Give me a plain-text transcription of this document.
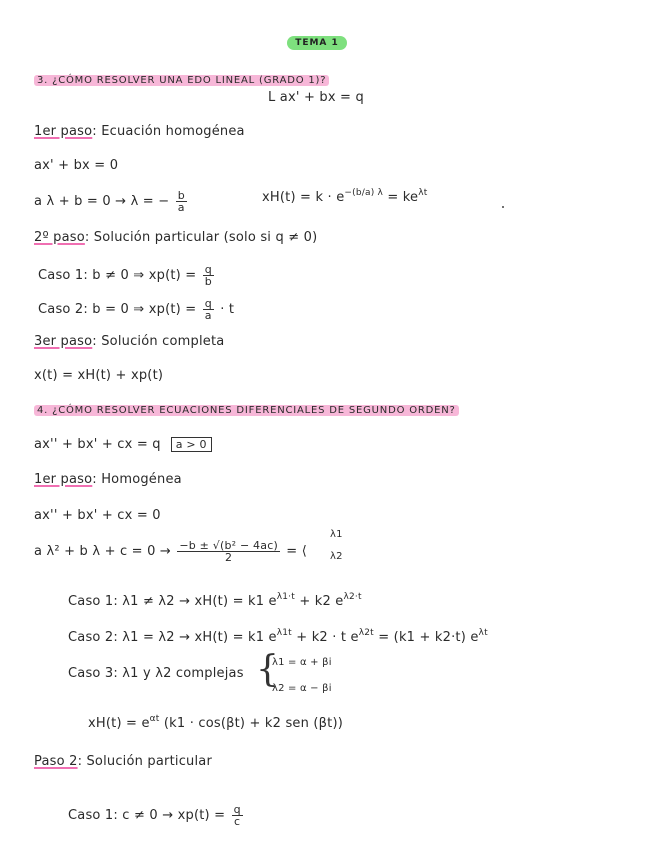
TEMA 1
3. ¿CÓMO RESOLVER UNA EDO LINEAL (GRADO 1)?
L ax' + bx = q
1er paso: Ecuación homogénea
ax' + bx = 0
a λ + b = 0 → λ = − $\frac{b}{a}$	$xH(t) = k \cdot e^{-(b/a) \lambda} = ke^{\lambda t}$
2º paso: Solución particular (solo si q ≠ 0)
Caso 1: b ≠ 0 ⇒ $xp(t) = \frac{q}{b}$
Caso 2: b = 0 ⇒ $xp(t) = \frac{q}{a} \cdot t$
3er paso: Solución completa
x(t) = xH(t) + xp(t)
4. ¿CÓMO RESOLVER ECUACIONES DIFERENCIALES DE SEGUNDO ORDEN?
ax'' + bx' + cx = q a > 0
1er paso: Homogénea
ax'' + bx' + cx = 0
a λ² + b $\lambda + c = 0 \to \frac{\text{−b ± √(b² − 4ac)}}{2}$ = ⟨
λ1
λ2
Caso 1: λ1 ≠ λ2 → xH(t) = k1 $e^{\lambda 1\cdot t} + k2$ $e^{\lambda 2\cdot t}$
Caso 2: λ1 = λ2 → xH(t) = k1 $e^{\lambda 1t} + k2 \cdot t$ $e^{\lambda 2t} = (k1 + k2\cdot t)$ $e^{\lambda t}$
Caso 3: λ1 y λ2 complejas {
λ1 = α + βi
λ2 = α − βi
$xH(t) = e^{\alpha t}$ (k1 · cos(βt) + k2 sen (βt))
Paso 2: Solución particular
Caso 1: $c \ne 0 \to xp(t) = \frac{q}{c}$
